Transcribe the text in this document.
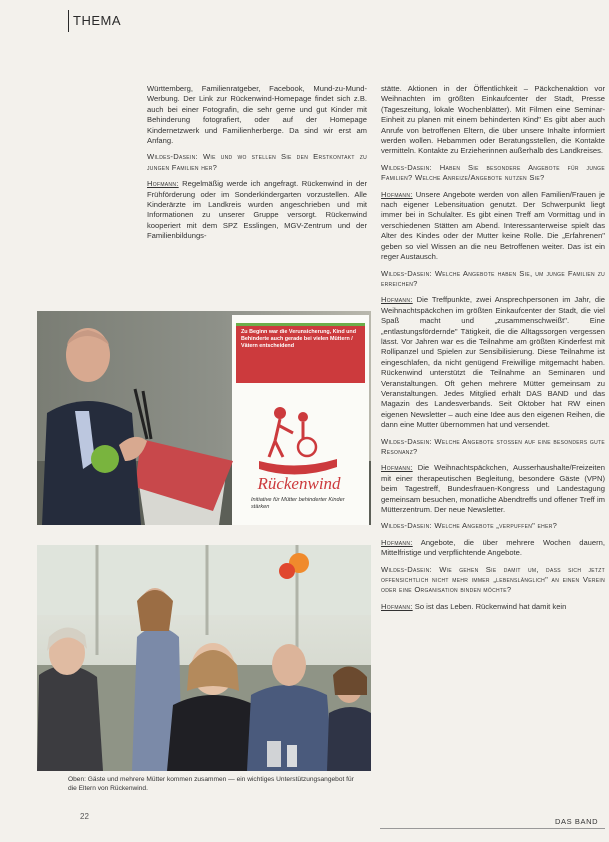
THEMA

Württemberg, Familienratgeber, Facebook, Mund-zu-Mund-Werbung. Der Link zur Rückenwind-Homepage findet sich z.B. auch bei einer Fotografin, die sehr gerne und gut Kinder mit Behinderung fotografiert, oder auf der Homepage Kindernetzwerk und Familienherberge. Da sind wir erst am Anfang.

Wildes-Dasein: Wie und wo stellen Sie den Erstkontakt zu jungen Familien her?

Hofmann: Regelmäßig werde ich angefragt. Rückenwind in der Frühförderung oder im Sonderkindergarten vorzustellen. Alle Kinderärzte im Landkreis wurden angeschrieben und mit Informationen zu unserer Gruppe versorgt. Rückenwind kooperiert mit dem SPZ Esslingen, MGV-Zentrum und der Familienbildungs-

stätte. Aktionen in der Öffentlichkeit – Päckchenaktion vor Weihnachten im größten Einkaufcenter der Stadt, Presse (Tageszeitung, lokale Wochenblätter). Mit Filmen eine Seminar-Einheit zu planen mit einem behinderten Kind" Es gibt aber auch Anrufe von betroffenen Eltern, die über unsere Inhalte informiert werden wollen. Hebammen oder Beratungsstellen, die Kontakte vermitteln. Kontakte zu Erzieherinnen außerhalb des Landkreises.

Wildes-Dasein: Haben Sie besondere Angebote für junge Familien? Welche Anreize/Angebote nutzen Sie?

Hofmann: Unsere Angebote werden von allen Familien/Frauen je nach eigener Lebensituation genutzt. Der Schwerpunkt liegt immer bei in Schulalter. Es gibt einen Treff am Vormittag und in verschiedenen Stätten am Abend. Interessanterweise spielt das Alter des Kindes oder der Mutter keine Rolle. Die „Erfahrenen" geben so viel Wissen an die neu Betroffenen weiter. Das ist ein reger Austausch.

Wildes-Dasein: Welche Angebote haben Sie, um junge Familien zu erreichen?

Hofmann: Die Treffpunkte, zwei Ansprechpersonen im Jahr, die Weihnachtspäckchen im größten Einkaufcenter der Stadt, die viel Spaß macht und „zusammenschweißt". Eine „entlastungsfördernde" Tätigkeit, die die Alltagssorgen vergessen lässt. Vor Jahren war es die Teilnahme am größten Kinderfest mit Rollipanzel und Spielen zur Sensibilisierung. Diese Teilnahme ist eingeschlafen, da nicht genügend Freiwillige mitgemacht haben. Rückenwind unterstützt die Teilnahme an Seminaren und Veranstaltungen. Oft gehen mehrere Mütter gemeinsam zu Veranstaltungen. Jedes Mitglied erhält DAS BAND und das Magazin des Landesverbands. Seit Oktober hat RW einen eigenen Newsletter – auch eine Idee aus den eigenen Reihen, die dann eine Mutter übernommen hat und versendet.

Wildes-Dasein: Welche Angebote stoßen auf eine besonders gute Resonanz?

Hofmann: Die Weihnachtspäckchen, Ausserhaushalte/Freizeiten mit einer therapeutischen Begleitung, besondere Gäste (VPN) beim Tagestreff, Bundesfrauen-Kongress und Landestagung gemeinsam besuchen, monatliche Abendtreffs und offener Treff im Mütterzentrum. Der neue Newsletter.

Wildes-Dasein: Welche Angebote „verpuffen" eher?

Hofmann: Angebote, die über mehrere Wochen dauern, Mittelfristige und verpflichtende Angebote.

Wildes-Dasein: Wie gehen Sie damit um, dass sich jetzt offensichtlich nicht mehr immer „lebenslänglich" an einen Verein oder eine Organisation binden möchte?

Hofmann: So ist das Leben. Rückenwind hat damit kein

Rückenwind
Zu Beginn war die Verunsicherung, Kind und Behinderte auch gerade bei vielen Müttern / Vätern entscheidend
Initiative für Mütter behinderter Kinder stärken
Oben: Gäste und mehrere Mütter kommen zusammen — ein wichtiges Unterstützungsangebot für die Eltern von Rückenwind.
22
DAS BAND
